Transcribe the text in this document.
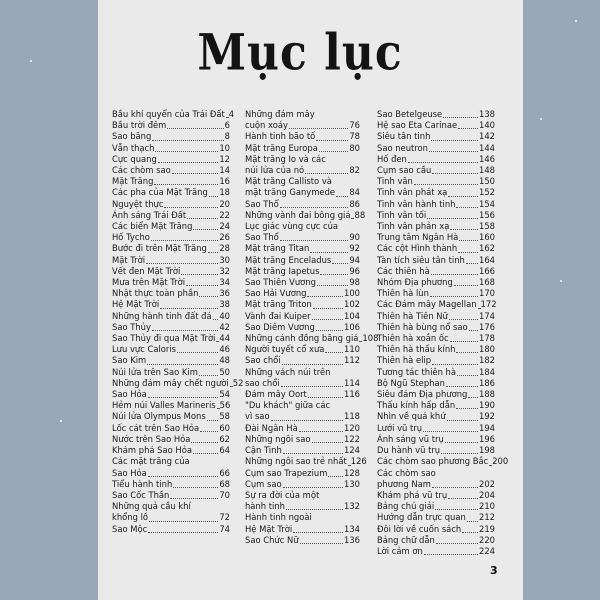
Mục lục
Bầu khí quyển của Trái Đất 4
Bầu trời đêm	6
Sao băng	8
Vẫn thạch	10
Cực quang	12
Các chòm sao	14
Mặt Trăng	16
Các pha của Mặt Trăng 18
Nguyệt thực	20
Ánh sáng Trái Đất	22
Các biển Mặt Trăng	24
Hố Tycho	26
Bước đi trên Mặt Trăng 28
Mặt Trời	30
Vết đen Mặt Trời	32
Mưa trên Mặt Trời	34
Nhật thực toàn phần 36
Hệ Mặt Trời	38
Những hành tinh đất đá 40
Sao Thủy	42
Sao Thủy đi qua Mặt Trời 44
Lưu vực Caloris	46
Sao Kim	48
Núi lửa trên Sao Kim	50
Những đám mây chết người 52
Sao Hỏa	54
Hẻm núi Valles Marineris 56
Núi lửa Olympus Mons 58
Lốc cát trên Sao Hỏa 60
Nước trên Sao Hỏa	62
Khám phá Sao Hỏa	64
Các mặt trăng của
Sao Hỏa	66
Tiểu hành tinh	68
Sao Cốc Thần	70
Những quả cầu khí
khổng lồ	72
Sao Mộc	74
Những đám mây
cuộn xoáy	76
Hành tinh bão tố	78
Mặt trăng Europa	80
Mặt trăng Io và các
núi lửa của nó	82
Mặt trăng Callisto và
mặt trăng Ganymede 84
Sao Thổ	86
Những vành đai bông giá 88
Lục giác vùng cực của
Sao Thổ	90
Mặt trăng Titan	92
Mặt trăng Enceladus 94
Mặt trăng Iapetus	96
Sao Thiên Vương	98
Sao Hải Vương	100
Mặt trăng Triton	102
Vành đai Kuiper	104
Sao Diêm Vương	106
Những cánh đồng băng giá 108
Người tuyết cổ xưa 110
Sao chổi	112
Những vách núi trên
sao chổi	114
Đám mây Oort	116
"Du khách" giữa các
vì sao	118
Đài Ngân Hà	120
Những ngôi sao	122
Cận Tinh	124
Những ngôi sao trẻ nhất 126
Cụm sao Trapezium 128
Cụm sao	130
Sự ra đời của một
hành tinh	132
Hành tinh ngoài
Hệ Mặt Trời	134
Sao Chức Nữ	136
Sao Betelgeuse	138
Hệ sao Eta Carinae	140
Siêu tân tinh	142
Sao neutron	144
Hố đen	146
Cụm sao cầu	148
Tinh vân	150
Tinh vân phát xạ	152
Tinh vân hành tinh	154
Tinh vân tối	156
Tinh vân phản xạ	158
Trung tâm Ngân Hà 160
Các cột Hình thành	162
Tàn tích siêu tân tinh 164
Các thiên hà	166
Nhóm Địa phương	168
Thiên hà lùn	170
Các Đám mây Magellan 172
Thiên hà Tiên Nữ	174
Thiên hà bùng nổ sao 176
Thiên hà xoắn ốc	178
Thiên hà thấu kính	180
Thiên hà elip	182
Tương tác thiên hà	184
Bộ Ngũ Stephan	186
Siêu đám Địa phương 188
Thấu kính hấp dẫn	190
Nhìn về quá khứ	192
Lưới vũ trụ	194
Ánh sáng vũ trụ	196
Du hành vũ trụ	198
Các chòm sao phương Bắc 200
Các chòm sao
phương Nam	202
Khám phá vũ trụ	204
Bảng chú giải	210
Hướng dẫn trực quan 212
Đôi lời về cuốn sách 219
Bảng chữ dẫn	220
Lời cảm ơn	224
3
